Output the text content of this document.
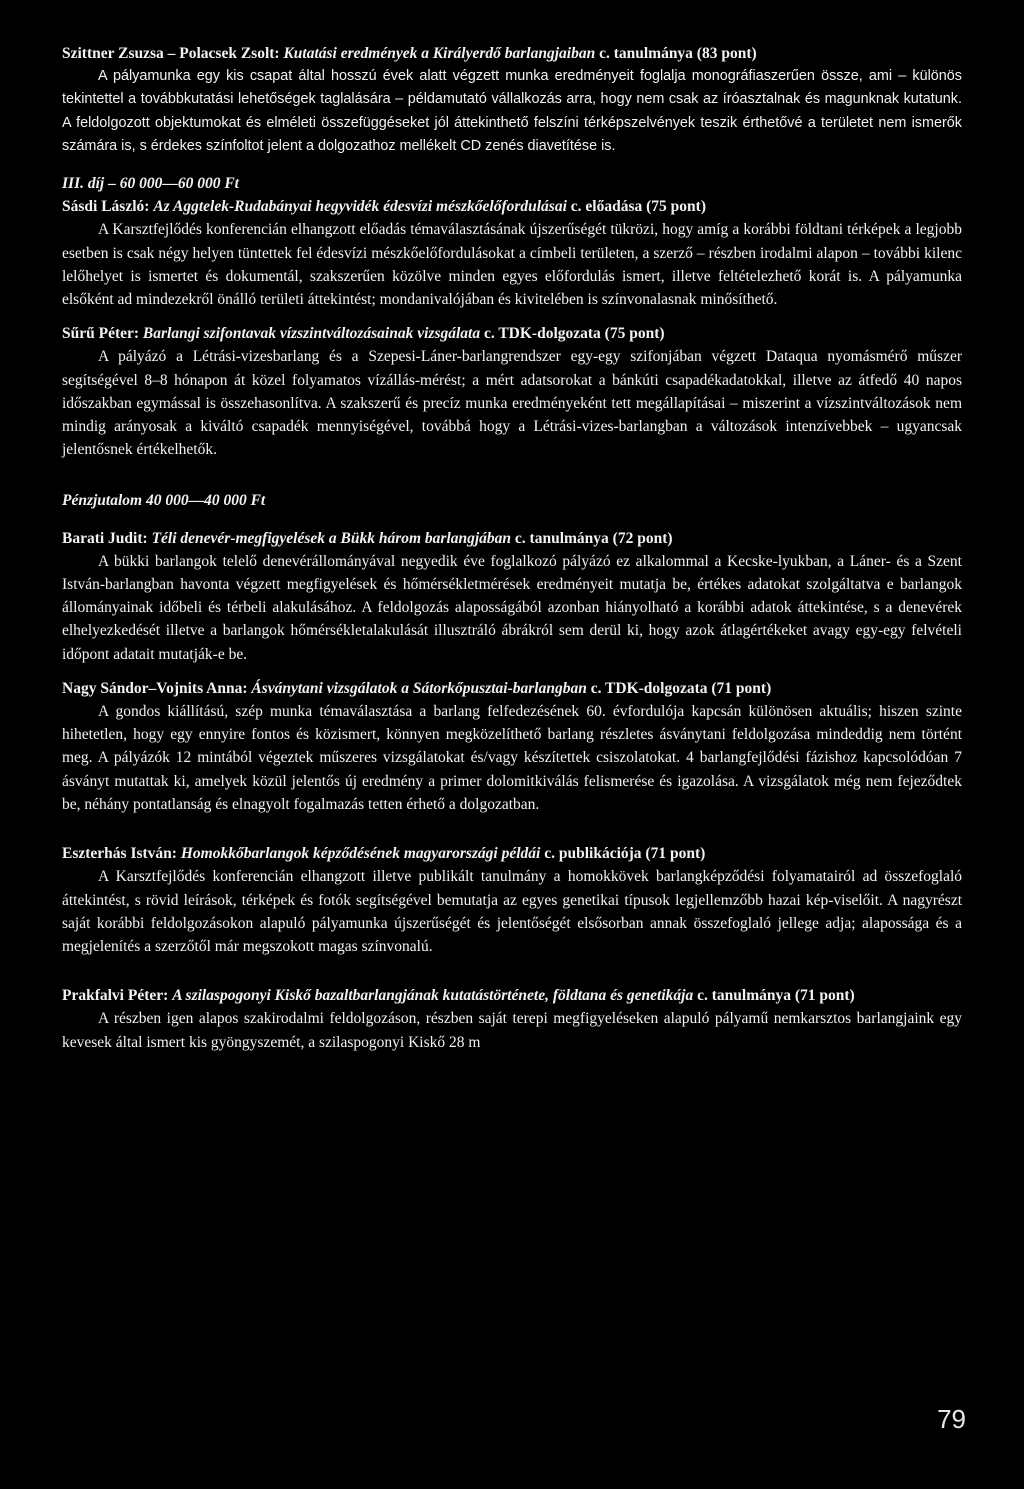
Szittner Zsuzsa – Polacsek Zsolt: Kutatási eredmények a Királyerdő barlangjaiban c. tanulmánya (83 pont)

A pályamunka egy kis csapat által hosszú évek alatt végzett munka eredményeit foglalja monográfiaszerűen össze, ami – különös tekintettel a továbbkutatási lehetőségek taglalására – példamutató vállalkozás arra, hogy nem csak az íróasztalnak és magunknak kutatunk. A feldolgozott objektumokat és elméleti összefüggéseket jól áttekinthető felszíni térképszelvények teszik érthetővé a területet nem ismerők számára is, s érdekes színfoltot jelent a dolgozathoz mellékelt CD zenés diavetítése is.

III. díj – 60 000—60 000 Ft
Sásdi László: Az Aggtelek-Rudabányai hegyvidék édesvízi mészkőelőfordulásai c. előadása (75 pont)

A Karsztfejlődés konferencián elhangzott előadás témaválasztásának újszerűségét tükrözi, hogy amíg a korábbi földtani térképek a legjobb esetben is csak négy helyen tüntettek fel édesvízi mészkőelőfordulásokat a címbeli területen, a szerző – részben irodalmi alapon – további kilenc lelőhelyet is ismertet és dokumentál, szakszerűen közölve minden egyes előfordulás ismert, illetve feltételezhető korát is. A pályamunka elsőként ad mindezekről önálló területi áttekintést; mondanivalójában és kivitelében is színvonalasnak minősíthető.

Sűrű Péter: Barlangi szifontavak vízszintváltozásainak vizsgálata c. TDK-dolgozata (75 pont)

A pályázó a Létrási-vizesbarlang és a Szepesi-Láner-barlangrendszer egy-egy szifonjában végzett Dataqua nyomásmérő műszer segítségével 8–8 hónapon át közel folyamatos vízállás-mérést; a mért adatsorokat a bánkúti csapadékadatokkal, illetve az átfedő 40 napos időszakban egymással is összehasonlítva. A szakszerű és precíz munka eredményeként tett megállapításai – miszerint a vízszintváltozások nem mindig arányosak a kiváltó csapadék mennyiségével, továbbá hogy a Létrási-vizes-barlangban a változások intenzívebbek – ugyancsak jelentősnek értékelhetők.

Pénzjutalom 40 000—40 000 Ft
Barati Judit: Téli denevér-megfigyelések a Bükk három barlangjában c. tanulmánya (72 pont)

A bükki barlangok telelő denevérállományával negyedik éve foglalkozó pályázó ez alkalommal a Kecske-lyukban, a Láner- és a Szent István-barlangban havonta végzett megfigyelések és hőmérsékletmérések eredményeit mutatja be, értékes adatokat szolgáltatva e barlangok állományainak időbeli és térbeli alakulásához. A feldolgozás alaposságából azonban hiányolható a korábbi adatok áttekintése, s a denevérek elhelyezkedését illetve a barlangok hőmérsékletalakulását illusztráló ábrákról sem derül ki, hogy azok átlagértékeket avagy egy-egy felvételi időpont adatait mutatják-e be.

Nagy Sándor–Vojnits Anna: Ásványtani vizsgálatok a Sátorkőpusztai-barlangban c. TDK-dolgozata (71 pont)

A gondos kiállítású, szép munka témaválasztása a barlang felfedezésének 60. évfordulója kapcsán különösen aktuális; hiszen szinte hihetetlen, hogy egy ennyire fontos és közismert, könnyen megközelíthető barlang részletes ásványtani feldolgozása mindeddig nem történt meg. A pályázók 12 mintából végeztek műszeres vizsgálatokat és/vagy készítettek csiszolatokat. 4 barlangfejlődési fázishoz kapcsolódóan 7 ásványt mutattak ki, amelyek közül jelentős új eredmény a primer dolomitkiválás felismerése és igazolása. A vizsgálatok még nem fejeződtek be, néhány pontatlanság és elnagyolt fogalmazás tetten érhető a dolgozatban.

Eszterhás István: Homokkőbarlangok képződésének magyarországi példái c. publikációja (71 pont)

A Karsztfejlődés konferencián elhangzott illetve publikált tanulmány a homokkövek barlangképződési folyamatairól ad összefoglaló áttekintést, s rövid leírások, térképek és fotók segítségével bemutatja az egyes genetikai típusok legjellemzőbb hazai kép-viselőit. A nagyrészt saját korábbi feldolgozásokon alapuló pályamunka újszerűségét és jelentőségét elsősorban annak összefoglaló jellege adja; alapossága és a megjelenítés a szerzőtől már megszokott magas színvonalú.

Prakfalvi Péter: A szilaspogonyi Kiskő bazaltbarlangjának kutatástörténete, földtana és genetikája c. tanulmánya (71 pont)

A részben igen alapos szakirodalmi feldolgozáson, részben saját terepi megfigyeléseken alapuló pályamű nemkarsztos barlangjaink egy kevesek által ismert kis gyöngyszemét, a szilaspogonyi Kiskő 28 m

79
